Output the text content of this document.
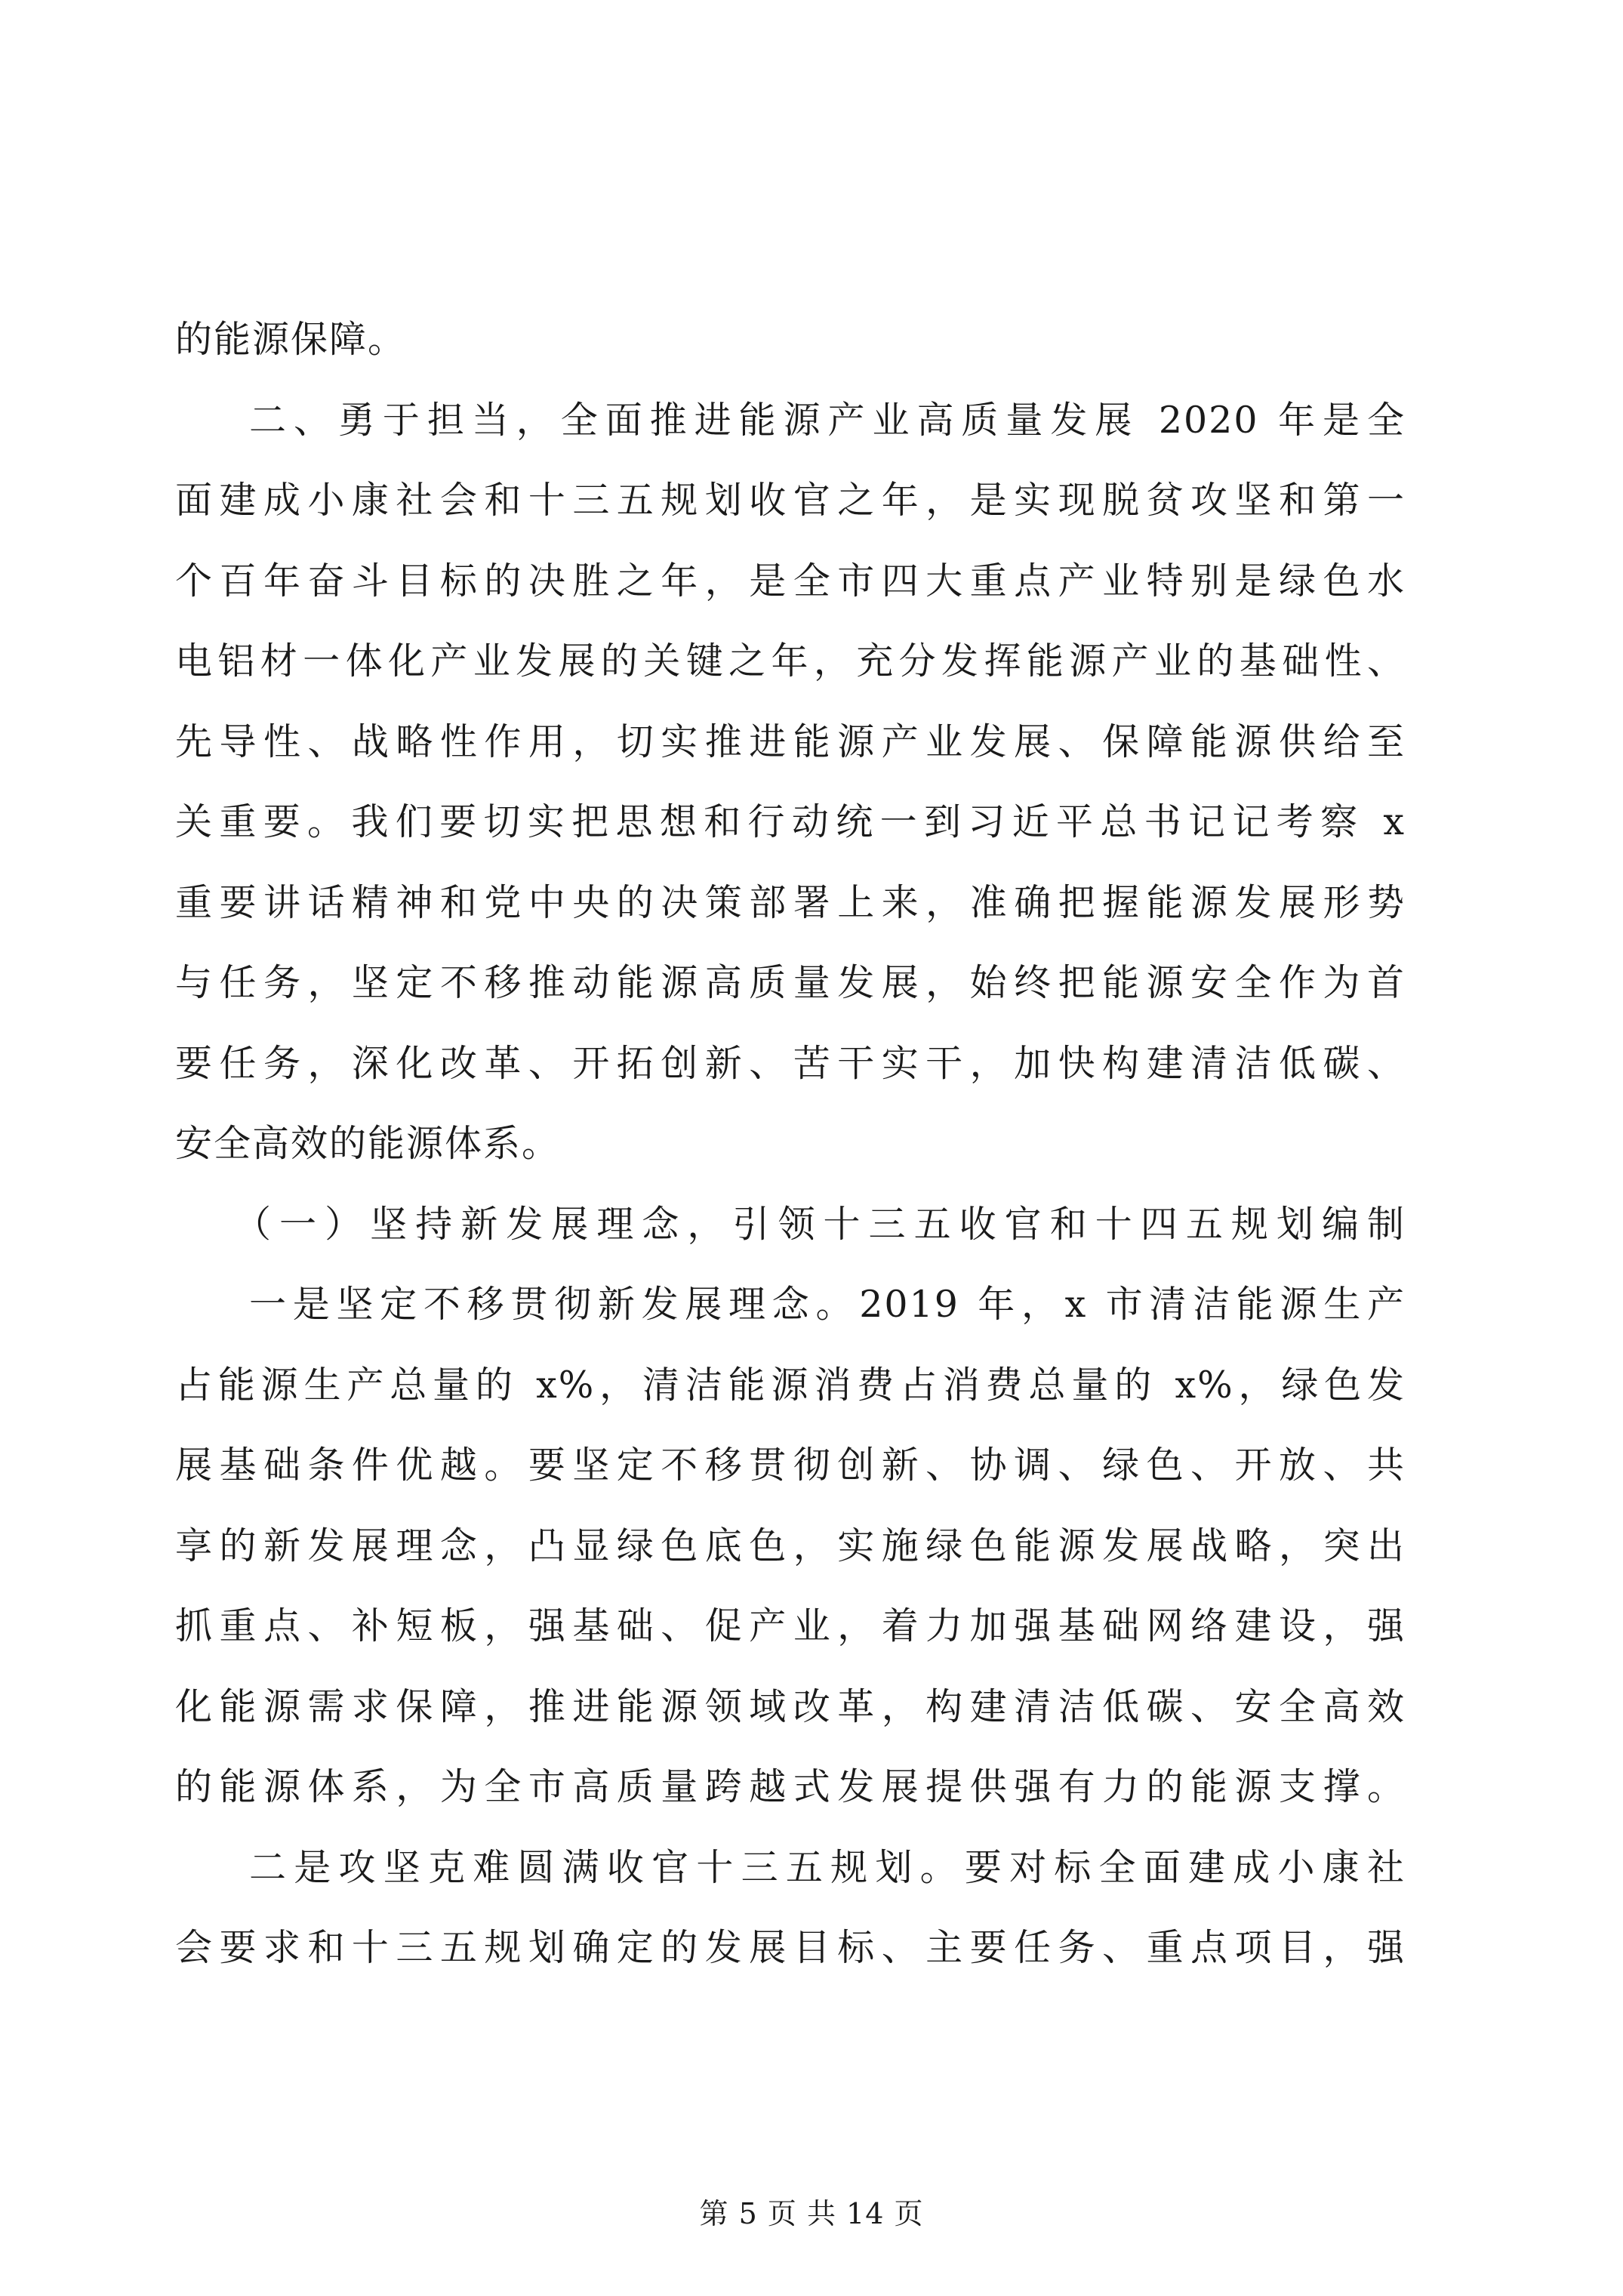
的能源保障。
二、勇于担当，全面推进能源产业高质量发展 2020 年是全
面建成小康社会和十三五规划收官之年，是实现脱贫攻坚和第一
个百年奋斗目标的决胜之年，是全市四大重点产业特别是绿色水
电铝材一体化产业发展的关键之年，充分发挥能源产业的基础性、
先导性、战略性作用，切实推进能源产业发展、保障能源供给至
关重要。我们要切实把思想和行动统一到习近平总书记记考察 x
重要讲话精神和党中央的决策部署上来，准确把握能源发展形势
与任务，坚定不移推动能源高质量发展，始终把能源安全作为首
要任务，深化改革、开拓创新、苦干实干，加快构建清洁低碳、
安全高效的能源体系。
（一）坚持新发展理念，引领十三五收官和十四五规划编制
一是坚定不移贯彻新发展理念。2019 年，x 市清洁能源生产
占能源生产总量的 x%，清洁能源消费占消费总量的 x%，绿色发
展基础条件优越。要坚定不移贯彻创新、协调、绿色、开放、共
享的新发展理念，凸显绿色底色，实施绿色能源发展战略，突出
抓重点、补短板，强基础、促产业，着力加强基础网络建设，强
化能源需求保障，推进能源领域改革，构建清洁低碳、安全高效
的能源体系，为全市高质量跨越式发展提供强有力的能源支撑。
二是攻坚克难圆满收官十三五规划。要对标全面建成小康社
会要求和十三五规划确定的发展目标、主要任务、重点项目，强
第 5 页 共 14 页
